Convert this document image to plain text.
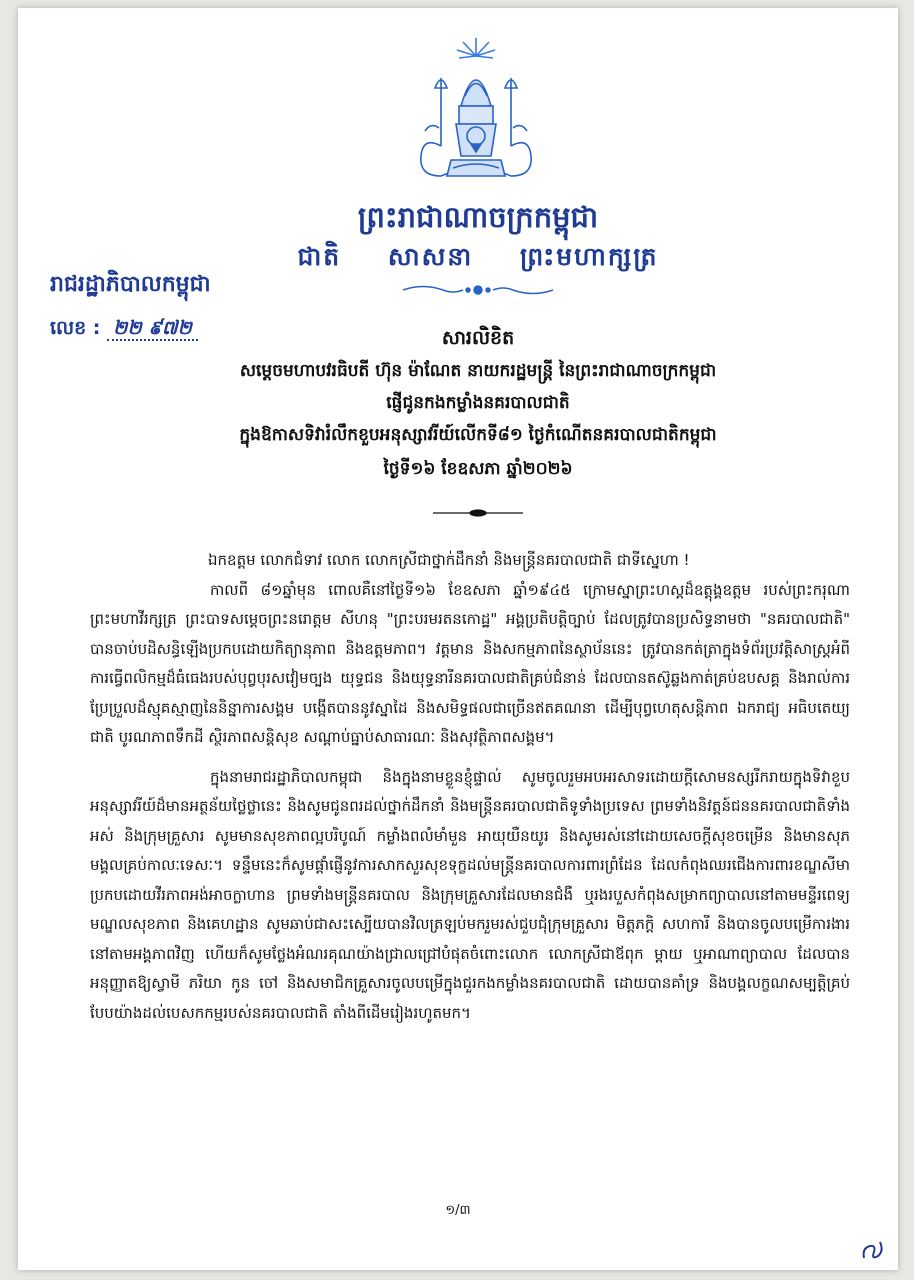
ព្រះរាជាណាចក្រកម្ពុជា
ជាតិ សាសនា ព្រះមហាក្សត្រ
រាជរដ្ឋាភិបាលកម្ពុជា
លេខ : ២២ ៩៧២	សារលិខិត
សម្ដេចមហាបវរធិបតី ហ៊ុន ម៉ាណែត នាយករដ្ឋមន្ត្រី នៃព្រះរាជាណាចក្រកម្ពុជា
ផ្ញើជូនកងកម្លាំងនគរបាលជាតិ
ក្នុងឱកាសទិវារំលឹកខួបអនុស្សាវរីយ៍លើកទី៨១ ថ្ងៃកំណើតនគរបាលជាតិកម្ពុជា
ថ្ងៃទី១៦ ខែឧសភា ឆ្នាំ២០២៦

ឯកឧត្តម លោកជំទាវ លោក លោកស្រីជាថ្នាក់ដឹកនាំ និងមន្ត្រីនគរបាលជាតិ ជាទីស្នេហា !

កាលពី ៨១ឆ្នាំមុន ពោលគឺនៅថ្ងៃទី១៦ ខែឧសភា ឆ្នាំ១៩៤៥ ក្រោមស្នាព្រះហស្ដដ៏ឧត្ដុង្គឧត្ដម របស់ព្រះករុណាព្រះមហាវីរក្សត្រ ព្រះបាទសម្ដេចព្រះនរោត្តម សីហនុ "ព្រះបរមរតនកោដ្ឋ" អង្គប្រតិបត្តិច្បាប់ ដែលត្រូវបានប្រសិទ្ធនាមថា "នគរបាលជាតិ" បានចាប់បដិសន្ធិឡើងប្រកបដោយកិត្យានុភាព និងឧត្ដមភាព។ វត្តមាន និងសកម្មភាពនៃស្ថាប័ននេះ ត្រូវបានកត់ត្រាក្នុងទំព័រប្រវត្តិសាស្ត្រអំពីការធ្វើពលិកម្មដ៏ធំធេងរបស់បុព្វបុរសវៀមច្បង យុទ្ធជន និងយុទ្ធនារីនគរបាលជាតិគ្រប់ជំនាន់ ដែលបានតស៊ូឆ្លងកាត់គ្រប់ឧបសគ្គ និងរាល់ការប្រែប្រួលដ៏ស្មុគស្មាញនៃនិន្នាការសង្គម បង្កើតបាននូវស្នាដៃ និងសមិទ្ធផលជាច្រើនឥតគណនា ដើម្បីបុព្វហេតុសន្តិភាព ឯករាជ្យ អធិបតេយ្យជាតិ បូរណភាពទឹកដី ស្ថិរភាពសន្តិសុខ សណ្ដាប់ធ្នាប់សាធារណៈ និងសុវត្ថិភាពសង្គម។

ក្នុងនាមរាជរដ្ឋាភិបាលកម្ពុជា និងក្នុងនាមខ្លួនខ្ញុំផ្ទាល់ សូមចូលរួមអបអរសាទរដោយក្ដីសោមនស្សរីករាយក្នុងទិវាខួបអនុស្សាវរីយ៍ដ៏មានអត្ថន័យថ្លៃថ្លានេះ និងសូមជូនពរដល់ថ្នាក់ដឹកនាំ និងមន្ត្រីនគរបាលជាតិទូទាំងប្រទេស ព្រមទាំងនិវត្តន៍ជននគរបាលជាតិទាំងអស់ និងក្រុមគ្រួសារ សូមមានសុខភាពល្អបរិបូណ៍ កម្លាំងពលំមាំមួន អាយុយឺនយូរ និងសូមរស់នៅដោយសេចក្ដីសុខចម្រើន និងមានសុភមង្គលគ្រប់កាលៈទេសៈ។ ទន្ទឹមនេះក៏សូមផ្ដាំផ្ញើនូវការសាកសួរសុខទុក្ខដល់មន្ត្រីនគរបាលការពារព្រំដែន ដែលកំពុងឈរជើងការពារខណ្ឌសីមាប្រកបដោយវីរភាពអង់អាចក្លាហាន ព្រមទាំងមន្ត្រីនគរបាល និងក្រុមគ្រួសារដែលមានជំងឺ ឬរងរបួសកំពុងសម្រាកព្យាបាលនៅតាមមន្ទីរពេទ្យ មណ្ឌលសុខភាព និងគេហដ្ឋាន សូមឆាប់ជាសះស្បើយបានវិលត្រឡប់មករួមរស់ជួបជុំក្រុមគ្រួសារ មិត្តភក្តិ សហការី និងបានចូលបម្រើការងារនៅតាមអង្គភាពវិញ ហើយក៏សូមថ្លែងអំណរគុណយ៉ាងជ្រាលជ្រៅបំផុតចំពោះលោក លោកស្រីជាឪពុក ម្ដាយ ឬអាណាព្យាបាល ដែលបានអនុញ្ញាតឱ្យស្វាមី ភរិយា កូន ចៅ និងសមាជិកគ្រួសារចូលបម្រើក្នុងជួរកងកម្លាំងនគរបាលជាតិ ដោយបានគាំទ្រ និងបង្គលក្ខណសម្បត្តិគ្រប់បែបយ៉ាងដល់បេសកកម្មរបស់នគរបាលជាតិ តាំងពីដើមរៀងរហូតមក។

១/៣
